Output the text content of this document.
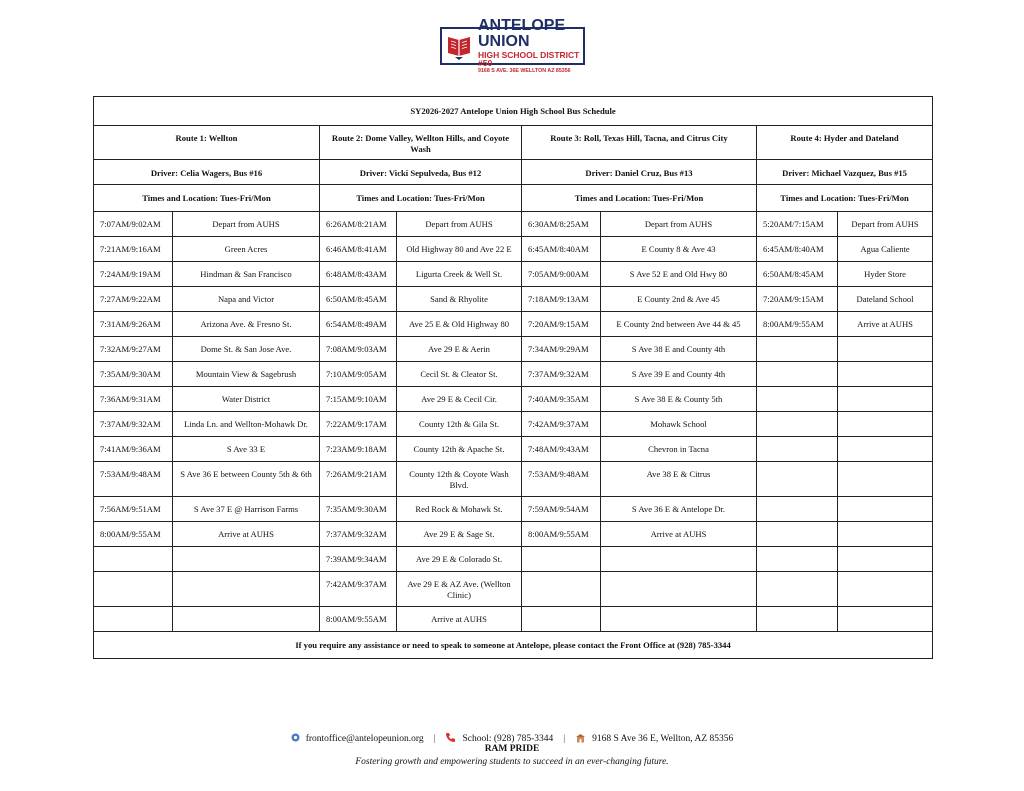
ANTELOPE UNION
HIGH SCHOOL DISTRICT #50
9168 S AVE. 36E WELLTON AZ 85356
SY2026-2027 Antelope Union High School Bus Schedule							
Route 1: Wellton		Route 2: Dome Valley, Wellton Hills, and Coyote Wash		Route 3: Roll, Texas Hill, Tacna, and Citrus City		Route 4: Hyder and Dateland	
Driver: Celia Wagers, Bus #16		Driver: Vicki Sepulveda, Bus #12		Driver: Daniel Cruz, Bus #13		Driver: Michael Vazquez, Bus #15	
Times and Location: Tues-Fri/Mon		Times and Location: Tues-Fri/Mon		Times and Location: Tues-Fri/Mon		Times and Location: Tues-Fri/Mon	
7:07AM/9:02AM	Depart from AUHS	6:26AM/8:21AM	Depart from AUHS	6:30AM/8:25AM	Depart from AUHS	5:20AM/7:15AM	Depart from AUHS
7:21AM/9:16AM	Green Acres	6:46AM/8:41AM	Old Highway 80 and Ave 22 E	6:45AM/8:40AM	E County 8 & Ave 43	6:45AM/8:40AM	Agua Caliente
7:24AM/9:19AM	Hindman & San Francisco	6:48AM/8:43AM	Ligurta Creek & Well St.	7:05AM/9:00AM	S Ave 52 E and Old Hwy 80	6:50AM/8:45AM	Hyder Store
7:27AM/9:22AM	Napa and Victor	6:50AM/8:45AM	Sand & Rhyolite	7:18AM/9:13AM	E County 2nd & Ave 45	7:20AM/9:15AM	Dateland School
7:31AM/9:26AM	Arizona Ave. & Fresno St.	6:54AM/8:49AM	Ave 25 E & Old Highway 80	7:20AM/9:15AM	E County 2nd between Ave 44 & 45	8:00AM/9:55AM	Arrive at AUHS
7:32AM/9:27AM	Dome St. & San Jose Ave.	7:08AM/9:03AM	Ave 29 E & Aerin	7:34AM/9:29AM	S Ave 38 E and County 4th		
7:35AM/9:30AM	Mountain View & Sagebrush	7:10AM/9:05AM	Cecil St. & Cleator St.	7:37AM/9:32AM	S Ave 39 E and County 4th		
7:36AM/9:31AM	Water District	7:15AM/9:10AM	Ave 29 E & Cecil Cir.	7:40AM/9:35AM	S Ave 38 E & County 5th		
7:37AM/9:32AM	Linda Ln. and Wellton-Mohawk Dr.	7:22AM/9:17AM	County 12th & Gila St.	7:42AM/9:37AM	Mohawk School		
7:41AM/9:36AM	S Ave 33 E	7:23AM/9:18AM	County 12th & Apache St.	7:48AM/9:43AM	Chevron in Tacna		
7:53AM/9:48AM	S Ave 36 E between County 5th & 6th	7:26AM/9:21AM	County 12th & Coyote Wash Blvd.	7:53AM/9:48AM	Ave 38 E & Citrus		
7:56AM/9:51AM	S Ave 37 E @ Harrison Farms	7:35AM/9:30AM	Red Rock & Mohawk St.	7:59AM/9:54AM	S Ave 36 E & Antelope Dr.		
8:00AM/9:55AM	Arrive at AUHS	7:37AM/9:32AM	Ave 29 E & Sage St.	8:00AM/9:55AM	Arrive at AUHS		
		7:39AM/9:34AM	Ave 29 E & Colorado St.				
		7:42AM/9:37AM	Ave 29 E & AZ Ave. (Wellton Clinic)				
		8:00AM/9:55AM	Arrive at AUHS				
If you require any assistance or need to speak to someone at Antelope, please contact the Front Office at (928) 785-3344							
frontoffice@antelopeunion.org |	School: (928) 785-3344 |	9168 S Ave 36 E, Wellton, AZ 85356
RAM PRIDE
Fostering growth and empowering students to succeed in an ever-changing future.
